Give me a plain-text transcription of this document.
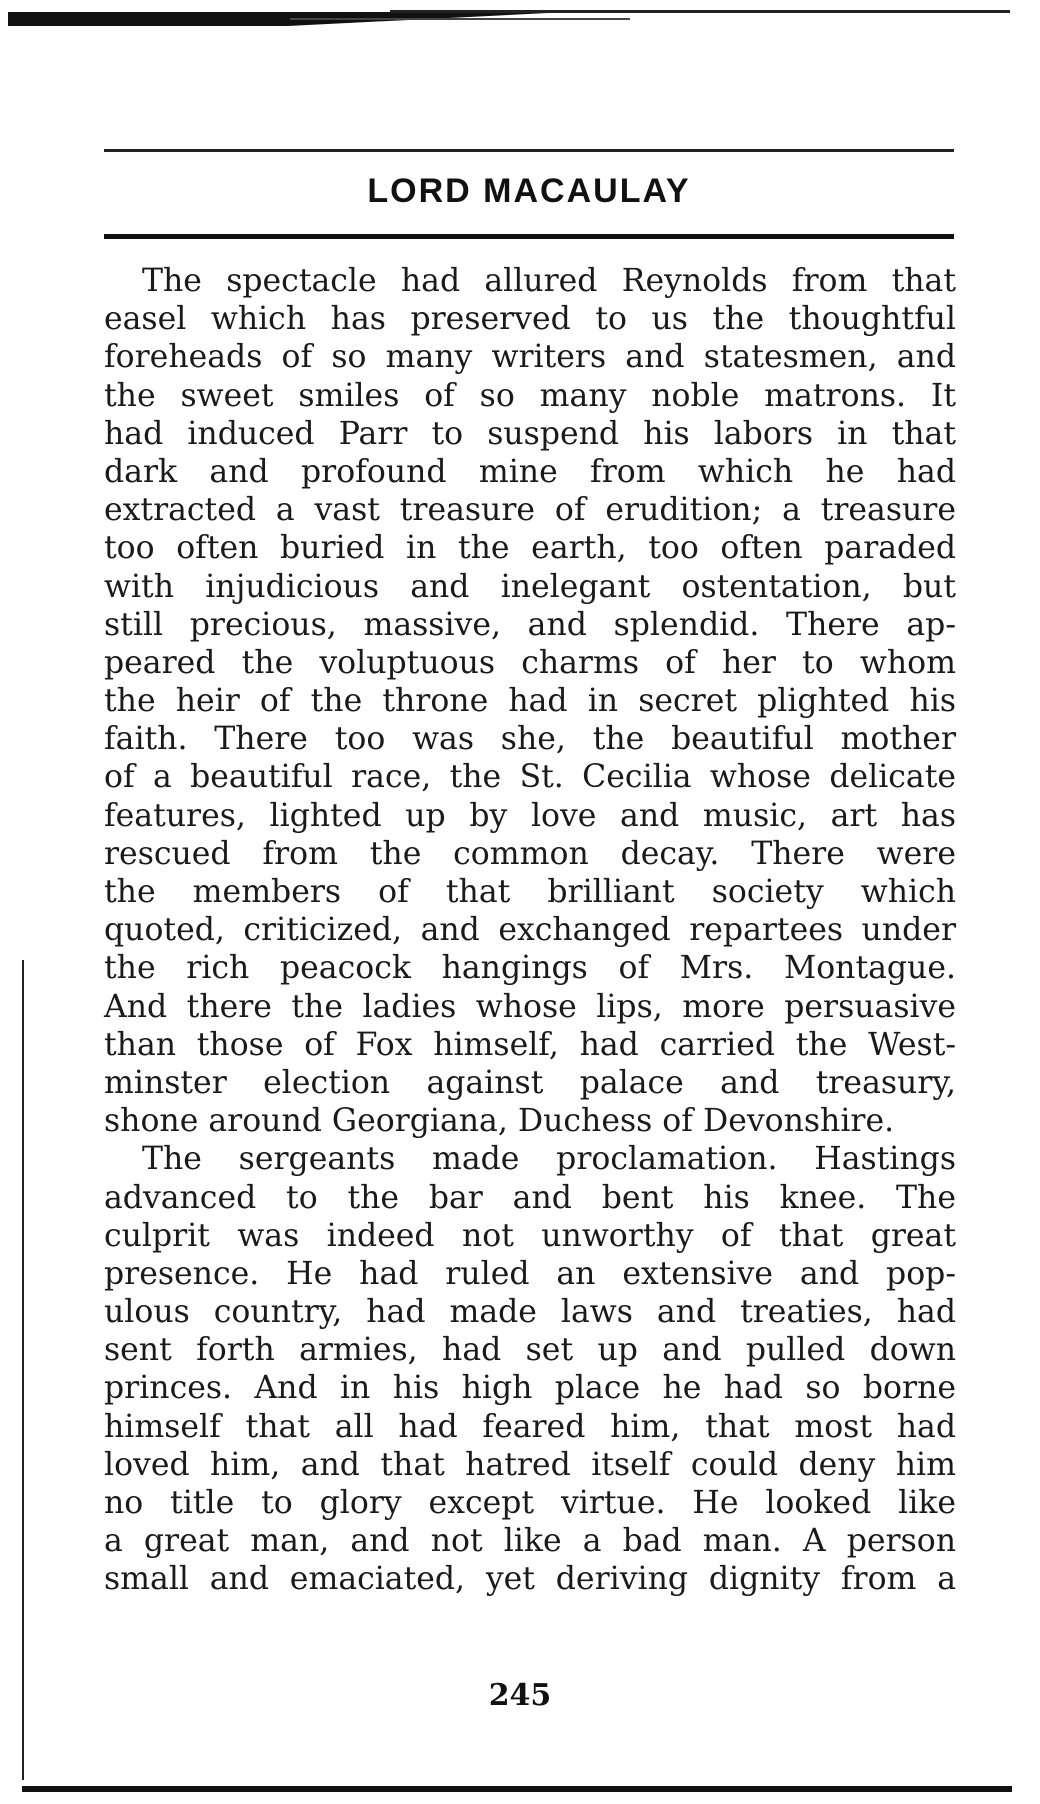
LORD MACAULAY
The spectacle had allured Reynolds from that
easel which has preserved to us the thoughtful
foreheads of so many writers and statesmen, and
the sweet smiles of so many noble matrons. It
had induced Parr to suspend his labors in that
dark and profound mine from which he had
extracted a vast treasure of erudition; a treasure
too often buried in the earth, too often paraded
with injudicious and inelegant ostentation, but
still precious, massive, and splendid. There ap-
peared the voluptuous charms of her to whom
the heir of the throne had in secret plighted his
faith. There too was she, the beautiful mother
of a beautiful race, the St. Cecilia whose delicate
features, lighted up by love and music, art has
rescued from the common decay. There were
the members of that brilliant society which
quoted, criticized, and exchanged repartees under
the rich peacock hangings of Mrs. Montague.
And there the ladies whose lips, more persuasive
than those of Fox himself, had carried the West-
minster election against palace and treasury,
shone around Georgiana, Duchess of Devonshire.
The sergeants made proclamation. Hastings
advanced to the bar and bent his knee. The
culprit was indeed not unworthy of that great
presence. He had ruled an extensive and pop-
ulous country, had made laws and treaties, had
sent forth armies, had set up and pulled down
princes. And in his high place he had so borne
himself that all had feared him, that most had
loved him, and that hatred itself could deny him
no title to glory except virtue. He looked like
a great man, and not like a bad man. A person
small and emaciated, yet deriving dignity from a
245
